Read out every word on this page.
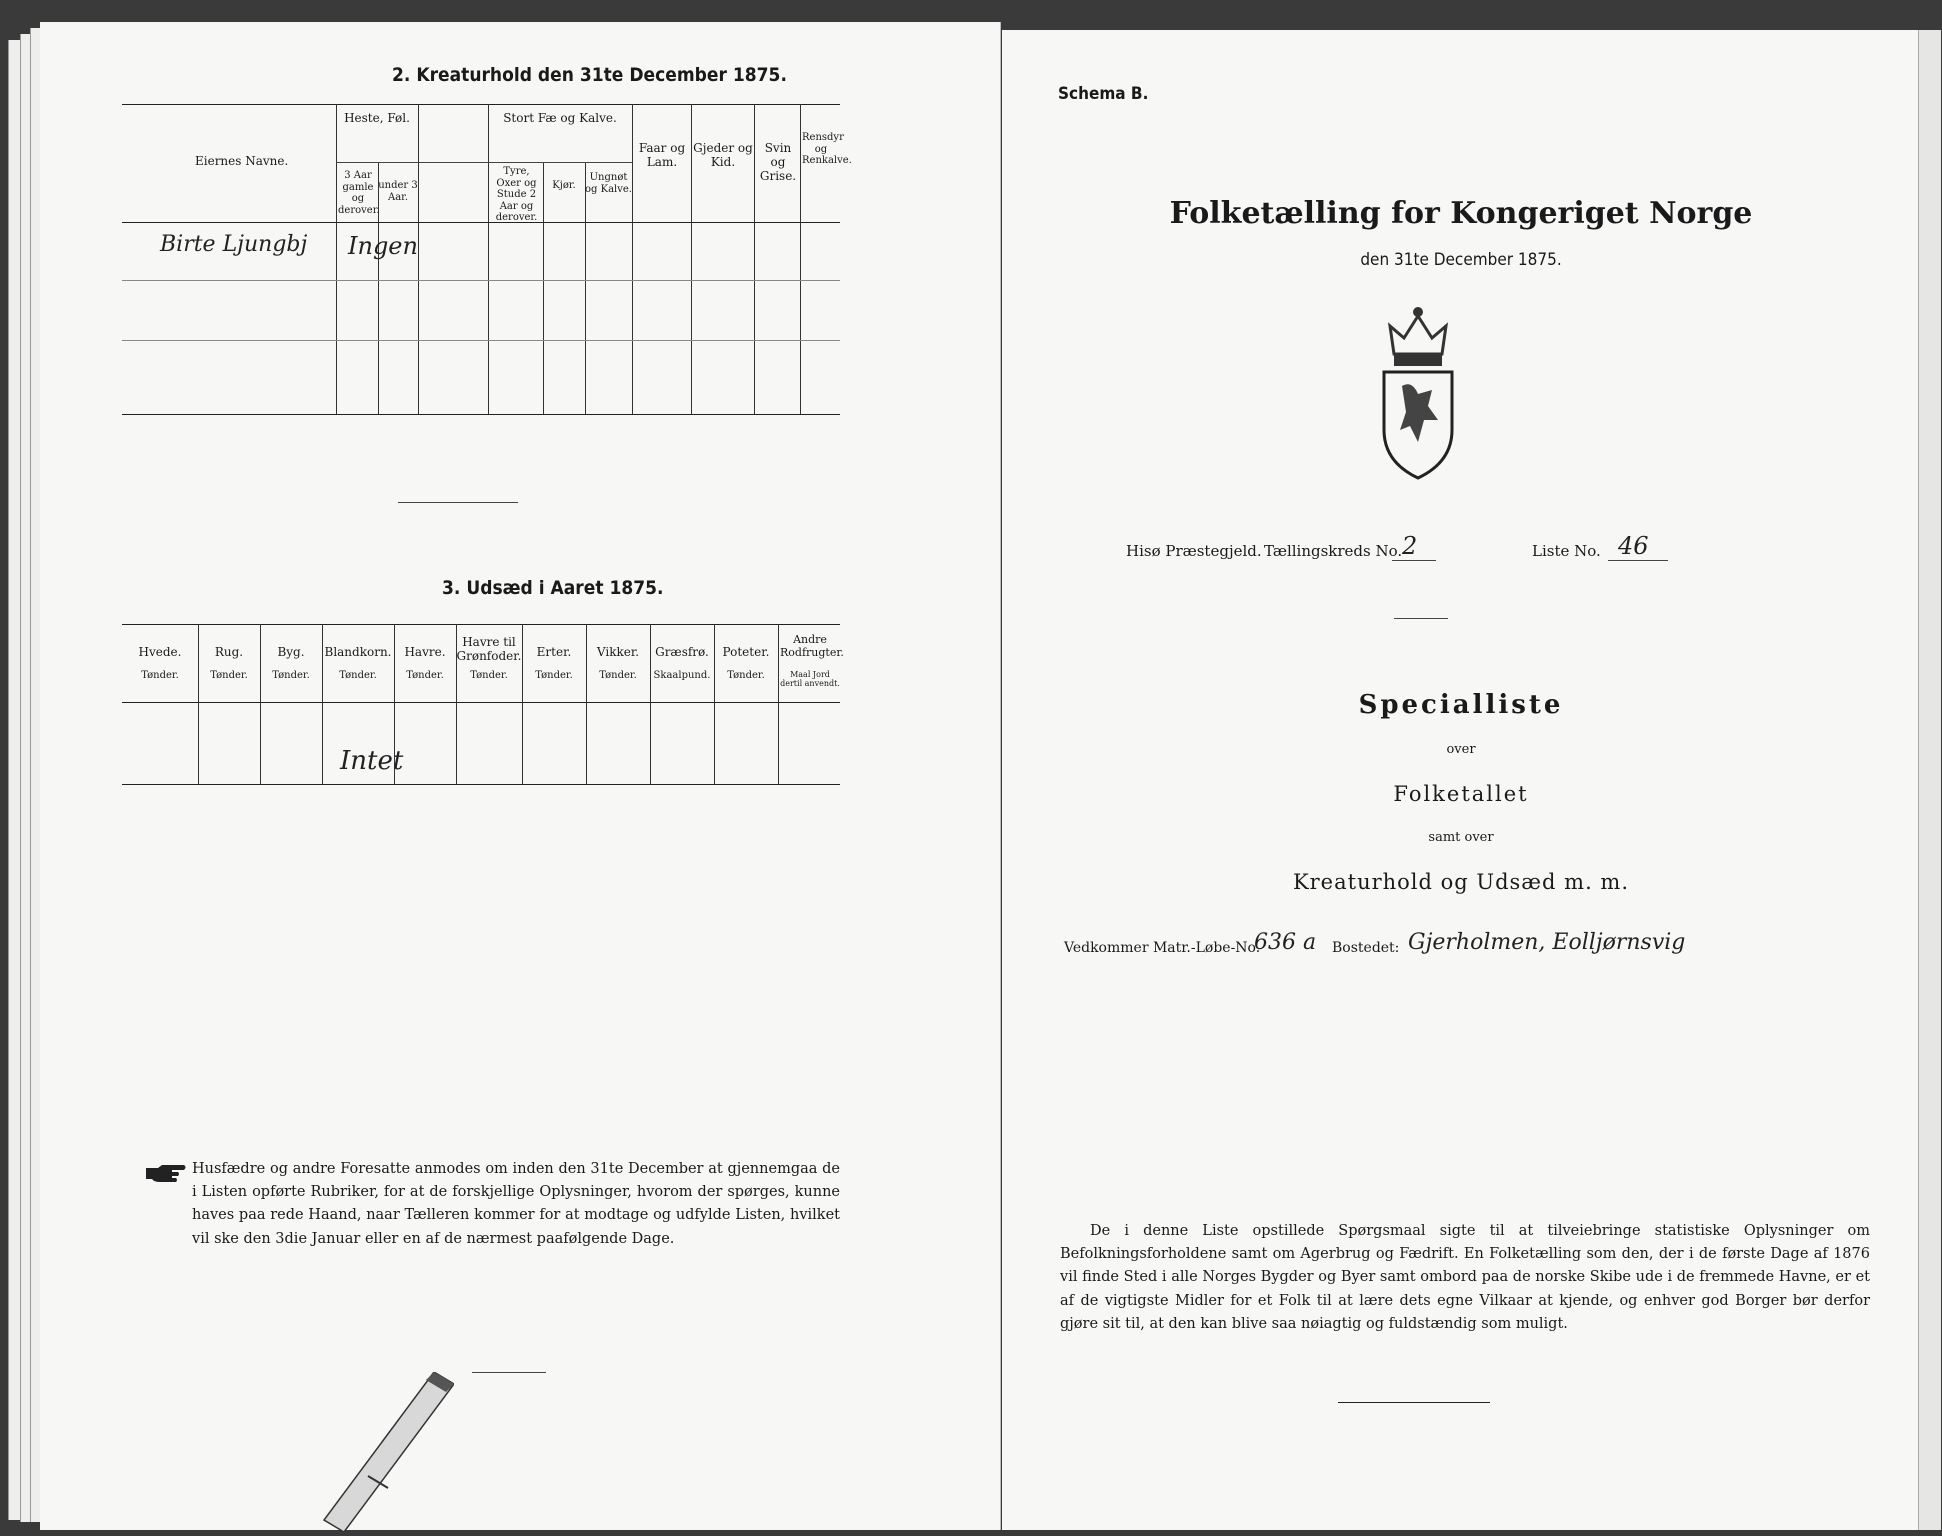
2. Kreaturhold den 31te December 1875.
Eiernes Navne.
Heste, Føl.	Stort Fæ og Kalve.
Faar og Lam.
Gjeder og Kid.
Svin og Grise.
Rensdyr og Renkalve.
3 Aar gamle og derover.
under 3 Aar.
Tyre, Oxer og Stude 2 Aar og derover.
Kjør.
Ungnøt og Kalve.
Birte Ljungbj Ingen
3. Udsæd i Aaret 1875.
Hvede.
Tønder.
Rug.
Tønder.
Byg.
Tønder.
Blandkorn.
Tønder.
Havre.
Tønder.
Havre til Grønfoder.
Tønder.
Erter.
Tønder.
Vikker.
Tønder.
Græsfrø.
Skaalpund.
Poteter.
Tønder.
Andre Rodfrugter.
Maal Jord dertil anvendt.
Intet
Husfædre og andre Foresatte anmodes om inden den 31te December at gjennemgaa de i Listen opførte Rubriker, for at de forskjellige Oplysninger, hvorom der spørges, kunne haves paa rede Haand, naar Tælleren kommer for at modtage og udfylde Listen, hvilket vil ske den 3die Januar eller en af de nærmest paafølgende Dage.
Schema B.
Folketælling for Kongeriget Norge
den 31te December 1875.
Hisø Præstegjeld. Tællingskreds No. 2	Liste No. 46
Specialliste
over
Folketallet
samt over
Kreaturhold og Udsæd m. m.
Vedkommer Matr.-Løbe-No.
636 a Bostedet: Gjerholmen, Eolljørnsvig
De i denne Liste opstillede Spørgsmaal sigte til at tilveiebringe statistiske Oplysninger om Befolkningsforholdene samt om Agerbrug og Fædrift. En Folketælling som den, der i de første Dage af 1876 vil finde Sted i alle Norges Bygder og Byer samt ombord paa de norske Skibe ude i de fremmede Havne, er et af de vigtigste Midler for et Folk til at lære dets egne Vilkaar at kjende, og enhver god Borger bør derfor gjøre sit til, at den kan blive saa nøiagtig og fuldstændig som muligt.
